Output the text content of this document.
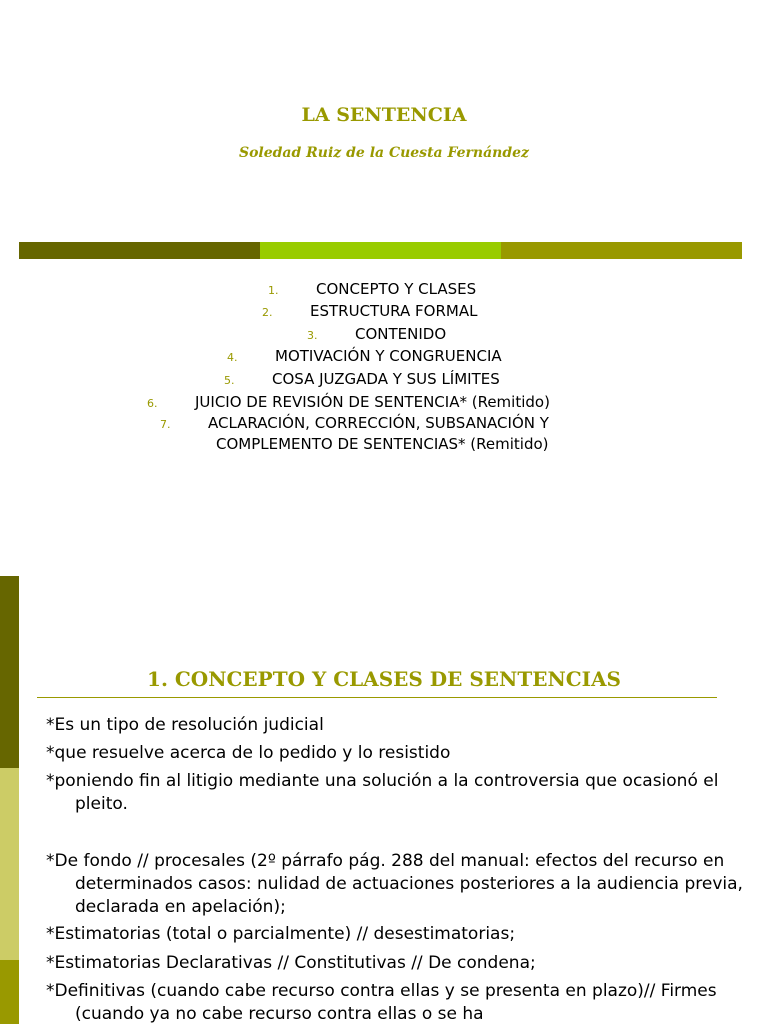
LA SENTENCIA
Soledad Ruiz de la Cuesta Fernández
1.	CONCEPTO Y CLASES
2.	ESTRUCTURA FORMAL
3.	CONTENIDO
4.	MOTIVACIÓN Y CONGRUENCIA
5.	COSA JUZGADA Y SUS LÍMITES
6.	JUICIO DE REVISIÓN DE SENTENCIA* (Remitido)
7.	ACLARACIÓN, CORRECCIÓN, SUBSANACIÓN Y
COMPLEMENTO DE SENTENCIAS* (Remitido)
1. CONCEPTO Y CLASES DE SENTENCIAS
*Es un tipo de resolución judicial
*que resuelve acerca de lo pedido y lo resistido
*poniendo fin al litigio mediante una solución a la controversia que ocasionó el pleito.
*De fondo // procesales (2º párrafo pág. 288 del manual: efectos del recurso en determinados casos: nulidad de actuaciones posteriores a la audiencia previa, declarada en apelación);
*Estimatorias (total o parcialmente) // desestimatorias;
*Estimatorias Declarativas // Constitutivas // De condena;
*Definitivas (cuando cabe recurso contra ellas y se presenta en plazo)// Firmes (cuando ya no cabe recurso contra ellas o se ha
